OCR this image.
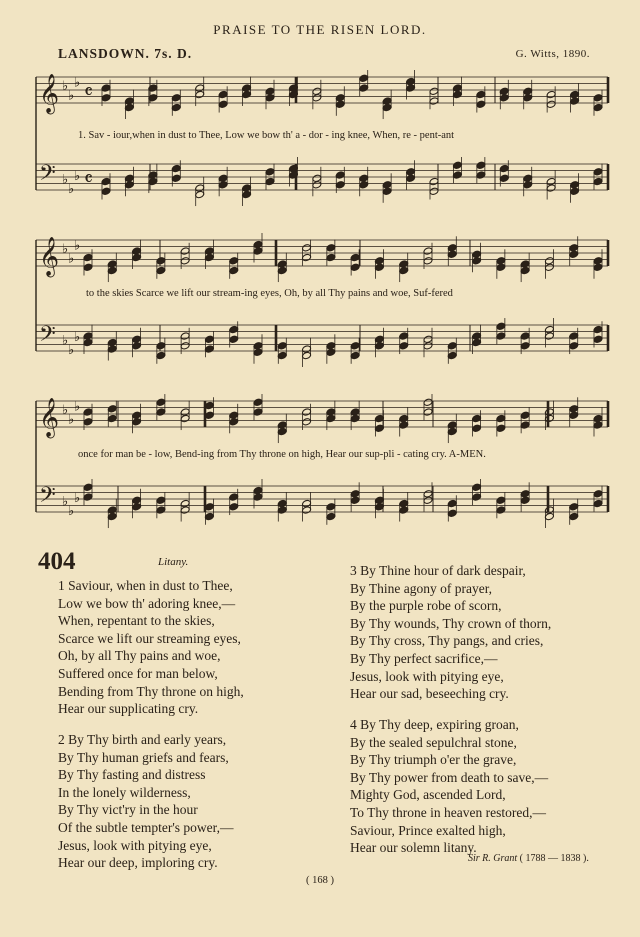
PRAISE TO THE RISEN LORD.
LANSDOWN. 7s. D.	G. Witts, 1890.
𝄞 ♭
♭
♭ 𝄴
𝄢 ♭
♭
♭ 𝄴
𝄞 ♭
♭
♭
𝄢 ♭
♭
♭
𝄞 ♭
♭
♭
𝄢 ♭
♭
♭
1. Sav - iour,when in dust to Thee, Low we bow th' a - dor - ing knee, When, re - pent-ant
to the skies Scarce we lift our stream-ing eyes, Oh, by all Thy pains and woe, Suf-fered
once for man be - low, Bend-ing from Thy throne on high, Hear our sup-pli - cating cry. A-MEN.
404	Litany.
1 Saviour, when in dust to Thee,
Low we bow th' adoring knee,—
When, repentant to the skies,
Scarce we lift our streaming eyes,
Oh, by all Thy pains and woe,
Suffered once for man below,
Bending from Thy throne on high,
Hear our supplicating cry.
2 By Thy birth and early years,
By Thy human griefs and fears,
By Thy fasting and distress
In the lonely wilderness,
By Thy vict'ry in the hour
Of the subtle tempter's power,—
Jesus, look with pitying eye,
Hear our deep, imploring cry.
3 By Thine hour of dark despair,
By Thine agony of prayer,
By the purple robe of scorn,
By Thy wounds, Thy crown of thorn,
By Thy cross, Thy pangs, and cries,
By Thy perfect sacrifice,—
Jesus, look with pitying eye,
Hear our sad, beseeching cry.
4 By Thy deep, expiring groan,
By the sealed sepulchral stone,
By Thy triumph o'er the grave,
By Thy power from death to save,—
Mighty God, ascended Lord,
To Thy throne in heaven restored,—
Saviour, Prince exalted high,
Hear our solemn litany.
Sir R. Grant ( 1788 — 1838 ).
( 168 )
